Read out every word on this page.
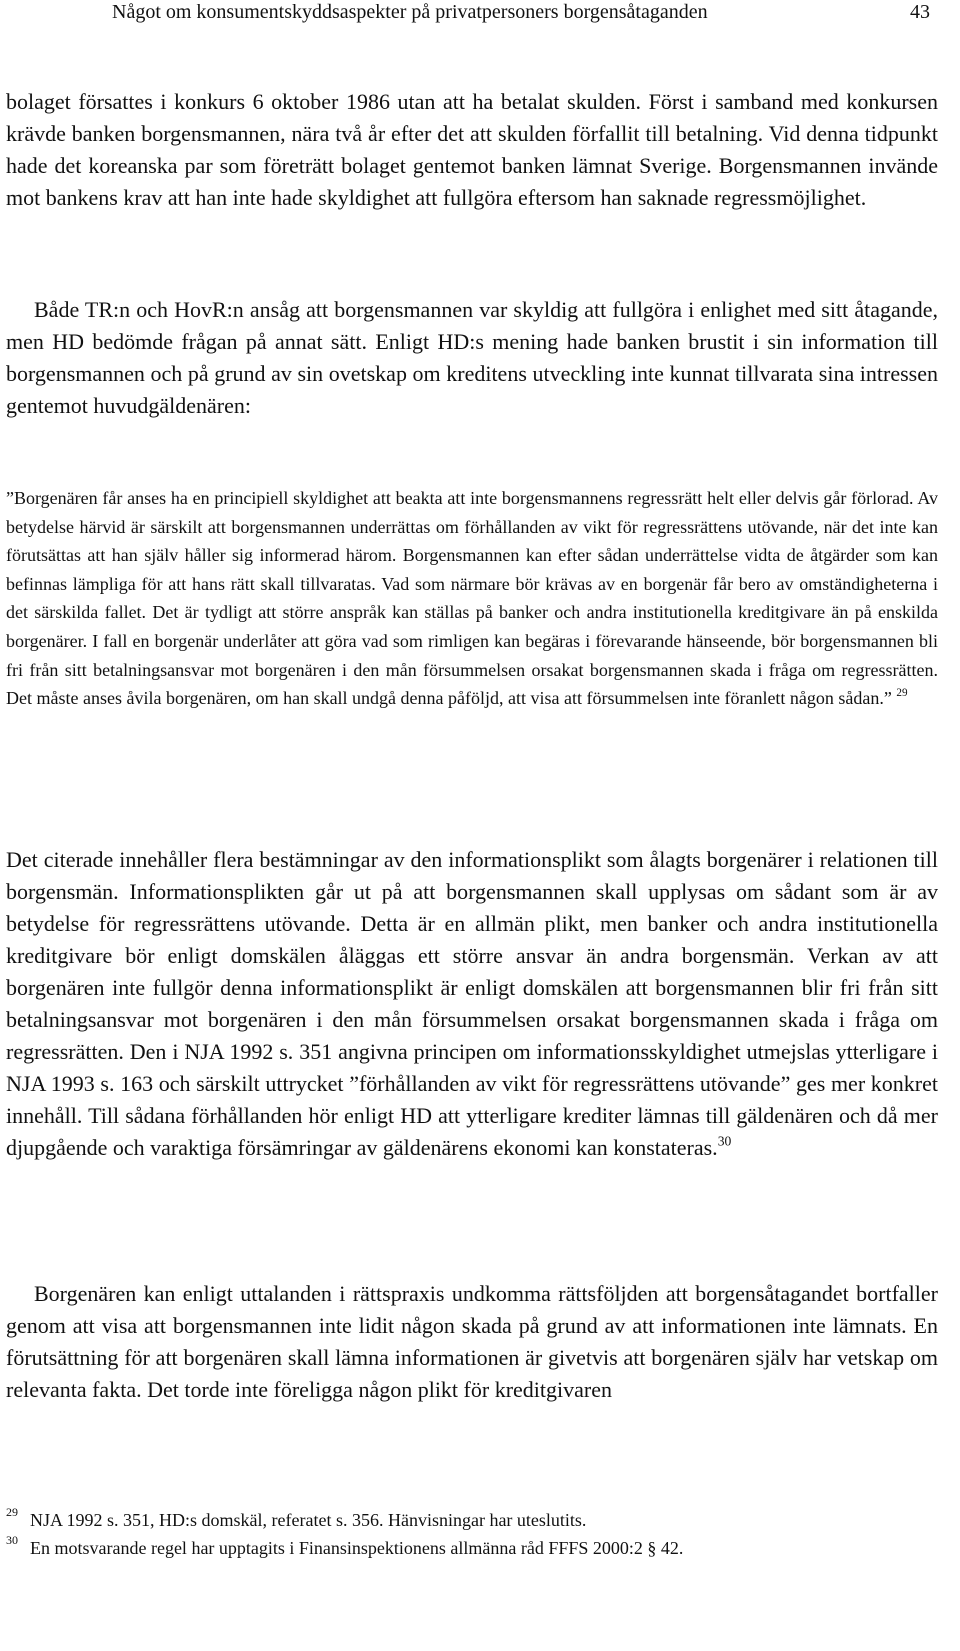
Något om konsumentskyddsaspekter på privatpersoners borgensåtaganden	43

bolaget försattes i konkurs 6 oktober 1986 utan att ha betalat skulden. Först i samband med konkursen krävde banken borgensmannen, nära två år efter det att skulden förfallit till betalning. Vid denna tidpunkt hade det koreanska par som företrätt bolaget gentemot banken lämnat Sverige. Borgensmannen invände mot bankens krav att han inte hade skyldighet att fullgöra eftersom han saknade regressmöjlighet.

Både TR:n och HovR:n ansåg att borgensmannen var skyldig att fullgöra i enlighet med sitt åtagande, men HD bedömde frågan på annat sätt. Enligt HD:s mening hade banken brustit i sin information till borgensmannen och på grund av sin ovetskap om kreditens utveckling inte kunnat tillvarata sina intressen gentemot huvudgäldenären:

”Borgenären får anses ha en principiell skyldighet att beakta att inte borgensmannens regressrätt helt eller delvis går förlorad. Av betydelse härvid är särskilt att borgensmannen underrättas om förhållanden av vikt för regressrättens utövande, när det inte kan förutsättas att han själv håller sig informerad härom. Borgensmannen kan efter sådan underrättelse vidta de åtgärder som kan befinnas lämpliga för att hans rätt skall tillvaratas. Vad som närmare bör krävas av en borgenär får bero av omständigheterna i det särskilda fallet. Det är tydligt att större anspråk kan ställas på banker och andra institutionella kreditgivare än på enskilda borgenärer. I fall en borgenär underlåter att göra vad som rimligen kan begäras i förevarande hänseende, bör borgensmannen bli fri från sitt betalningsansvar mot borgenären i den mån försummelsen orsakat borgensmannen skada i fråga om regressrätten. Det måste anses åvila borgenären, om han skall undgå denna påföljd, att visa att försummelsen inte föranlett någon sådan.” $^{29}$

Det citerade innehåller flera bestämningar av den informationsplikt som ålagts borgenärer i relationen till borgensmän. Informationsplikten går ut på att borgensmannen skall upplysas om sådant som är av betydelse för regressrättens utövande. Detta är en allmän plikt, men banker och andra institutionella kreditgivare bör enligt domskälen åläggas ett större ansvar än andra borgensmän. Verkan av att borgenären inte fullgör denna informationsplikt är enligt domskälen att borgensmannen blir fri från sitt betalningsansvar mot borgenären i den mån försummelsen orsakat borgensmannen skada i fråga om regressrätten. Den i NJA 1992 s. 351 angivna principen om informationsskyldighet utmejslas ytterligare i NJA 1993 s. 163 och särskilt uttrycket ”förhållanden av vikt för regressrättens utövande” ges mer konkret innehåll. Till sådana förhållanden hör enligt HD att ytterligare krediter lämnas till gäldenären och då mer djupgående och varaktiga försämringar av gäldenärens ekonomi kan konstateras.$^{30}$

Borgenären kan enligt uttalanden i rättspraxis undkomma rättsföljden att borgensåtagandet bortfaller genom att visa att borgensmannen inte lidit någon skada på grund av att informationen inte lämnats. En förutsättning för att borgenären skall lämna informationen är givetvis att borgenären själv har vetskap om relevanta fakta. Det torde inte föreligga någon plikt för kreditgivaren

29 NJA 1992 s. 351, HD:s domskäl, referatet s. 356. Hänvisningar har uteslutits.
30 En motsvarande regel har upptagits i Finansinspektionens allmänna råd FFFS 2000:2 § 42.
